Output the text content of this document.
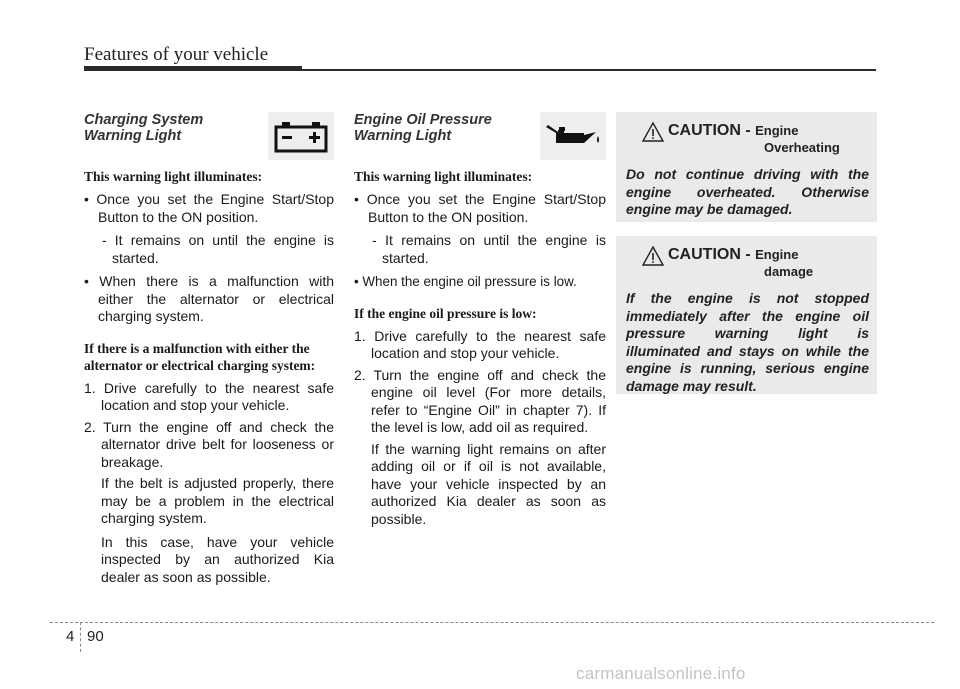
Features of your vehicle
Charging System
Warning Light
This warning light illuminates:
• Once you set the Engine Start/Stop Button to the ON position.
- It remains on until the engine is started.
• When there is a malfunction with either the alternator or electrical charging system.
If there is a malfunction with either the alternator or electrical charging system:
1. Drive carefully to the nearest safe location and stop your vehicle.
2. Turn the engine off and check the alternator drive belt for looseness or breakage.
If the belt is adjusted properly, there may be a problem in the electrical charging system.
In this case, have your vehicle inspected by an authorized Kia dealer as soon as possible.
Engine Oil Pressure
Warning Light
This warning light illuminates:
• Once you set the Engine Start/Stop Button to the ON position.
- It remains on until the engine is started.
• When the engine oil pressure is low.
If the engine oil pressure is low:
1. Drive carefully to the nearest safe location and stop your vehicle.
2. Turn the engine off and check the engine oil level (For more details, refer to “Engine Oil” in chapter 7). If the level is low, add oil as required.
If the warning light remains on after adding oil or if oil is not available, have your vehicle inspected by an authorized Kia dealer as soon as possible.
CAUTION - Engine
Overheating
Do not continue driving with the engine overheated. Otherwise engine may be damaged.
CAUTION - Engine
damage
If the engine is not stopped immediately after the engine oil pressure warning light is illuminated and stays on while the engine is running, serious engine damage may result.
4 90
carmanualsonline.info
